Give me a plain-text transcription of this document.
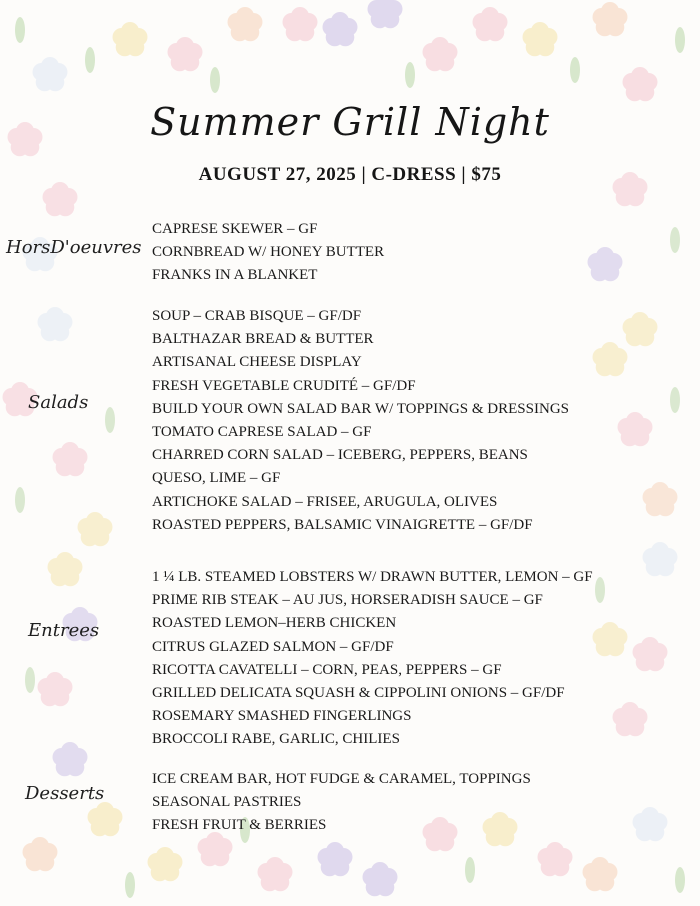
Summer Grill Night
AUGUST 27, 2025 | C-DRESS | $75
HorsD'oeuvres
CAPRESE SKEWER – GF
CORNBREAD W/ HONEY BUTTER
FRANKS IN A BLANKET
Salads
SOUP – CRAB BISQUE – GF/DF
BALTHAZAR BREAD & BUTTER
ARTISANAL CHEESE DISPLAY
FRESH VEGETABLE CRUDITÉ – GF/DF
BUILD YOUR OWN SALAD BAR W/ TOPPINGS & DRESSINGS
TOMATO CAPRESE SALAD – GF
CHARRED CORN SALAD – ICEBERG, PEPPERS, BEANS
QUESO, LIME – GF
ARTICHOKE SALAD – FRISEE, ARUGULA, OLIVES
ROASTED PEPPERS, BALSAMIC VINAIGRETTE – GF/DF
Entrees
1 ¼ LB. STEAMED LOBSTERS W/ DRAWN BUTTER, LEMON – GF
PRIME RIB STEAK – AU JUS, HORSERADISH SAUCE – GF
ROASTED LEMON–HERB CHICKEN
CITRUS GLAZED SALMON – GF/DF
RICOTTA CAVATELLI – CORN, PEAS, PEPPERS – GF
GRILLED DELICATA SQUASH & CIPPOLINI ONIONS – GF/DF
ROSEMARY SMASHED FINGERLINGS
BROCCOLI RABE, GARLIC, CHILIES
Desserts
ICE CREAM BAR, HOT FUDGE & CARAMEL, TOPPINGS
SEASONAL PASTRIES
FRESH FRUIT & BERRIES
